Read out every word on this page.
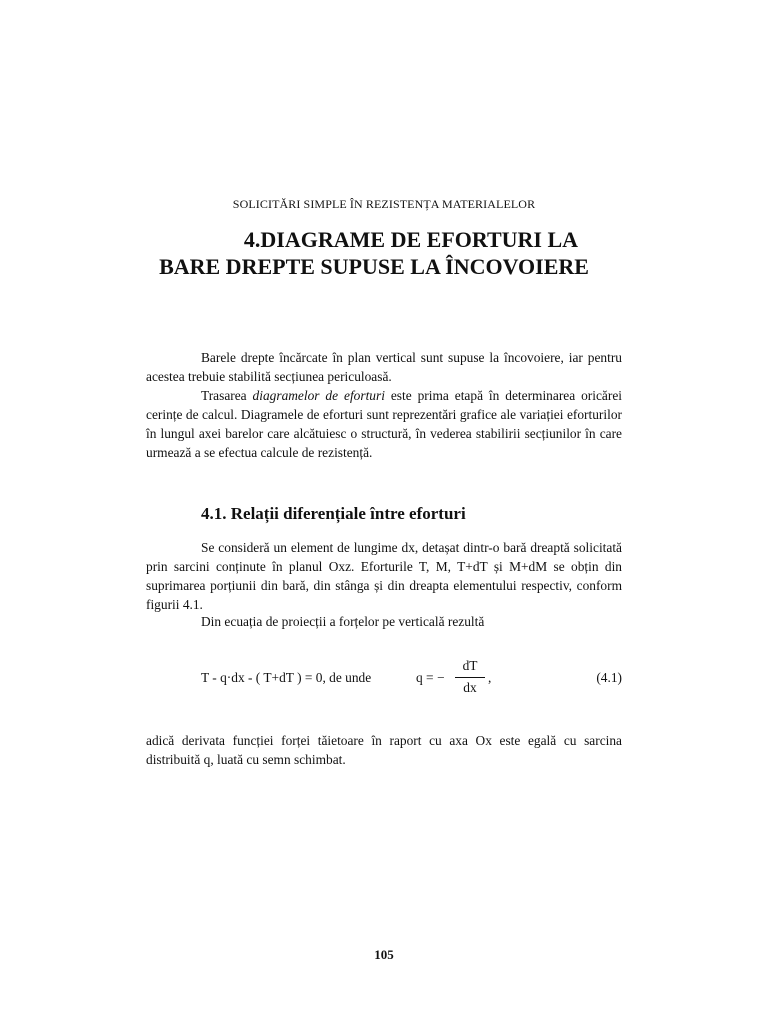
SOLICITĂRI SIMPLE ÎN REZISTENȚA MATERIALELOR
4.DIAGRAME DE EFORTURI LA
BARE DREPTE SUPUSE LA ÎNCOVOIERE
Barele drepte încărcate în plan vertical sunt supuse la încovoiere, iar pentru acestea trebuie stabilită secțiunea periculoasă.
Trasarea diagramelor de eforturi este prima etapă în determinarea oricărei cerințe de calcul. Diagramele de eforturi sunt reprezentări grafice ale variației eforturilor în lungul axei barelor care alcătuiesc o structură, în vederea stabilirii secțiunilor în care urmează a se efectua calcule de rezistență.
4.1. Relații diferențiale între eforturi
Se consideră un element de lungime dx, detașat dintr-o bară dreaptă solicitată prin sarcini conținute în planul Oxz. Eforturile T, M, T+dT și M+dM se obțin din suprimarea porțiunii din bară, din stânga și din dreapta elementului respectiv, conform figurii 4.1.
Din ecuația de proiecții a forțelor pe verticală rezultă
T - q·dx - ( T+dT ) = 0, de unde	q = −
dT
dx
,	(4.1)
adică derivata funcției forței tăietoare în raport cu axa Ox este egală cu sarcina distribuită q, luată cu semn schimbat.
105
